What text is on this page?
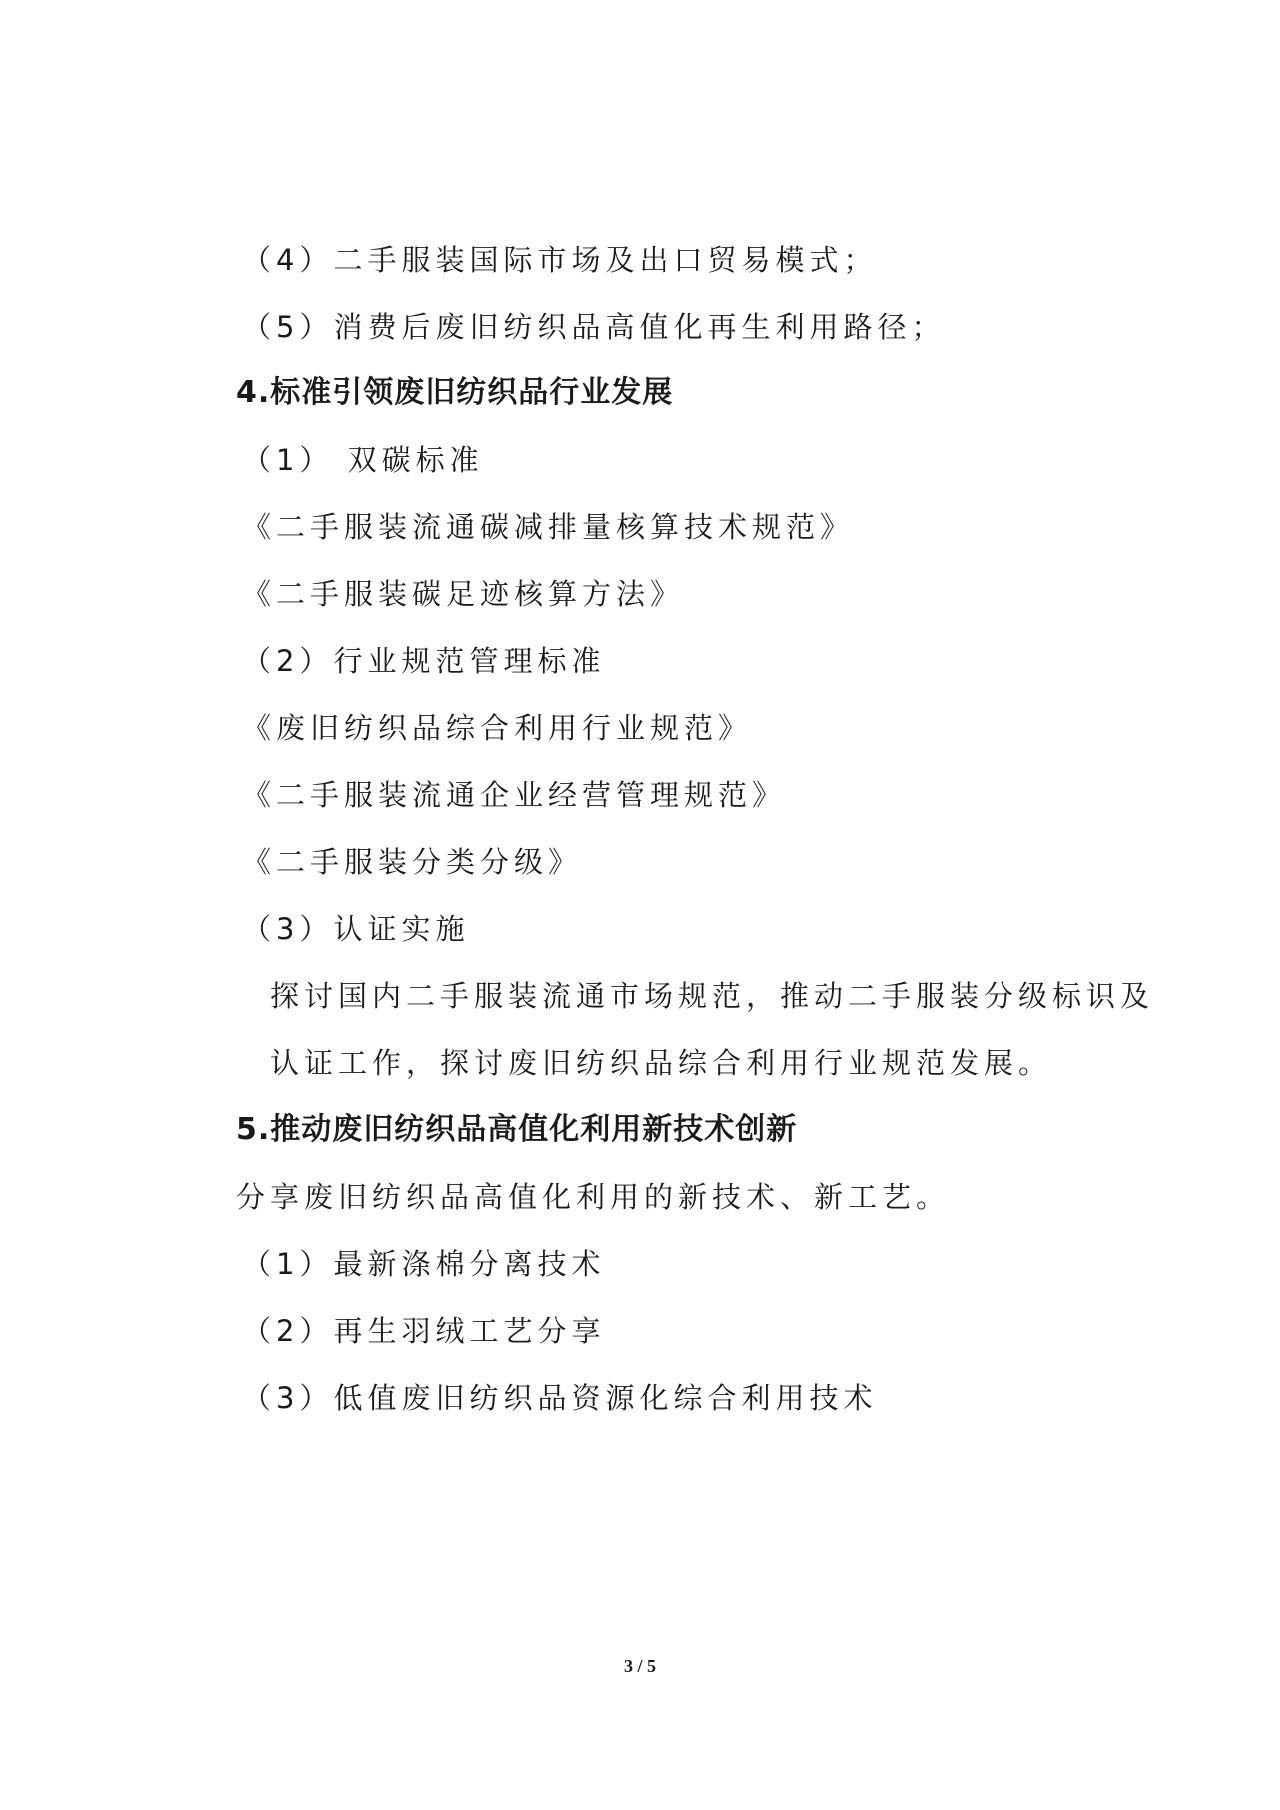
（4）二手服装国际市场及出口贸易模式；
（5）消费后废旧纺织品高值化再生利用路径；
4.标准引领废旧纺织品行业发展
（1） 双碳标准
《二手服装流通碳减排量核算技术规范》
《二手服装碳足迹核算方法》
（2）行业规范管理标准
《废旧纺织品综合利用行业规范》
《二手服装流通企业经营管理规范》
《二手服装分类分级》
（3）认证实施
探讨国内二手服装流通市场规范，推动二手服装分级标识及
认证工作，探讨废旧纺织品综合利用行业规范发展。
5.推动废旧纺织品高值化利用新技术创新
分享废旧纺织品高值化利用的新技术、新工艺。
（1）最新涤棉分离技术
（2）再生羽绒工艺分享
（3）低值废旧纺织品资源化综合利用技术
3 / 5
